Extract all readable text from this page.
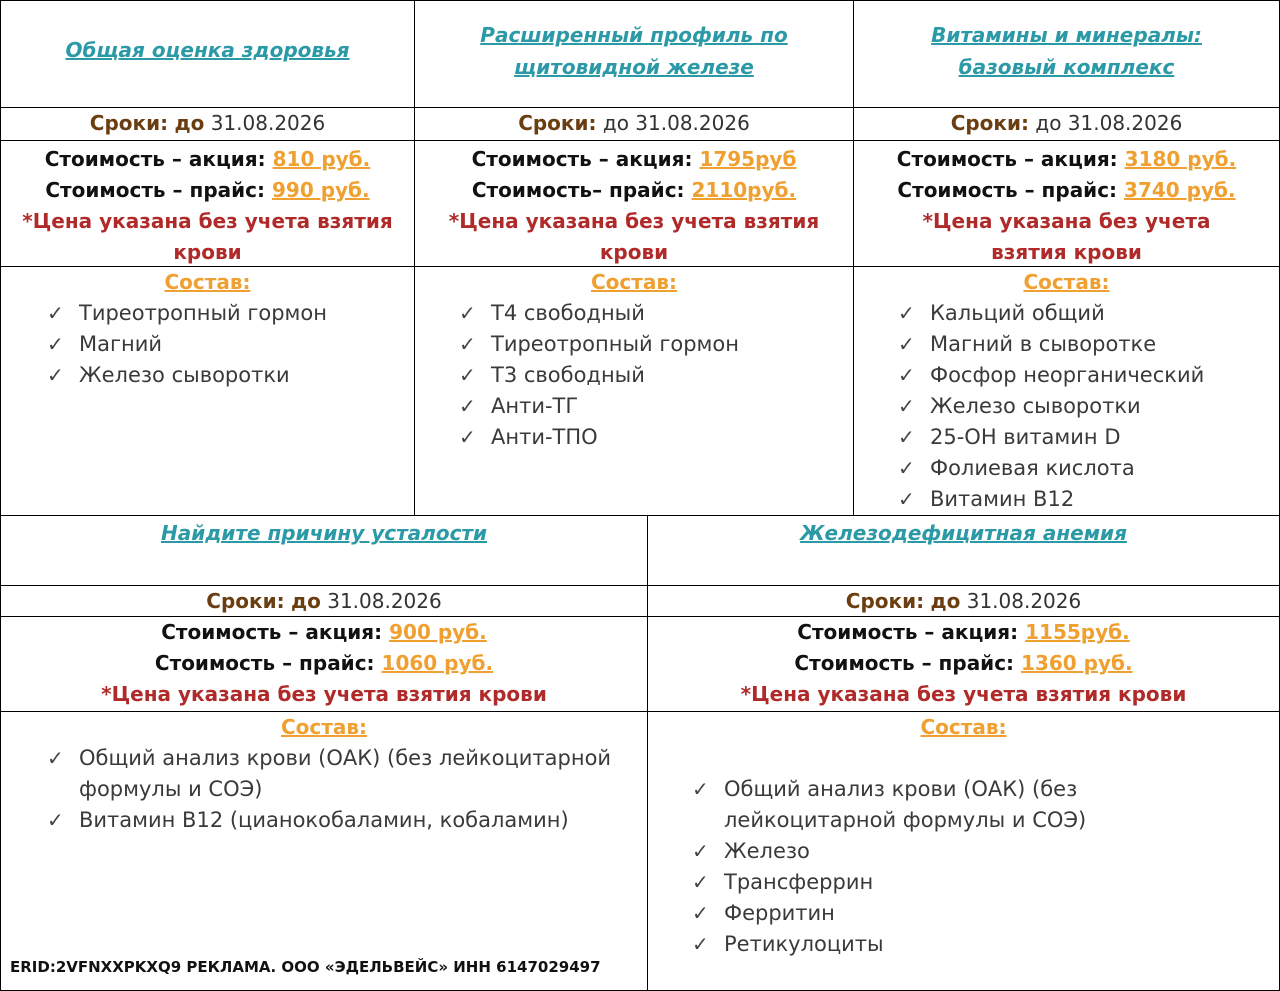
Общая оценка здоровья
Сроки: до 31.08.2026
Стоимость – акция: 810 руб.
Стоимость – прайс: 990 руб.
*Цена указана без учета взятия крови
Состав:
✓ Тиреотропный гормон
✓ Магний
✓ Железо сыворотки
Расширенный профиль по щитовидной железе
Сроки: до 31.08.2026
Стоимость – акция: 1795руб
Стоимость– прайс: 2110руб.
*Цена указана без учета взятия крови
Состав:
✓ Т4 свободный
✓ Тиреотропный гормон
✓ Т3 свободный
✓ Анти-ТГ
✓ Анти-ТПО
Витамины и минералы: базовый комплекс
Сроки: до 31.08.2026
Стоимость – акция: 3180 руб.
Стоимость – прайс: 3740 руб.
*Цена указана без учета взятия крови
Состав:
✓ Кальций общий
✓ Магний в сыворотке
✓ Фосфор неорганический
✓ Железо сыворотки
✓ 25-ОН витамин D
✓ Фолиевая кислота
✓ Витамин В12
Найдите причину усталости
Сроки: до 31.08.2026
Стоимость – акция: 900 руб.
Стоимость – прайс: 1060 руб.
*Цена указана без учета взятия крови
Состав:
✓ Общий анализ крови (ОАК) (без лейкоцитарной формулы и СОЭ)
✓ Витамин В12 (цианокобаламин, кобаламин)
Железодефицитная анемия
Сроки: до 31.08.2026
Стоимость – акция: 1155руб.
Стоимость – прайс: 1360 руб.
*Цена указана без учета взятия крови
Состав:
✓ Общий анализ крови (ОАК) (без лейкоцитарной формулы и СОЭ)
✓ Железо
✓ Трансферрин
✓ Ферритин
✓ Ретикулоциты
ERID:2VFNXXPKXQ9 РЕКЛАМА. ООО «ЭДЕЛЬВЕЙС» ИНН 6147029497
